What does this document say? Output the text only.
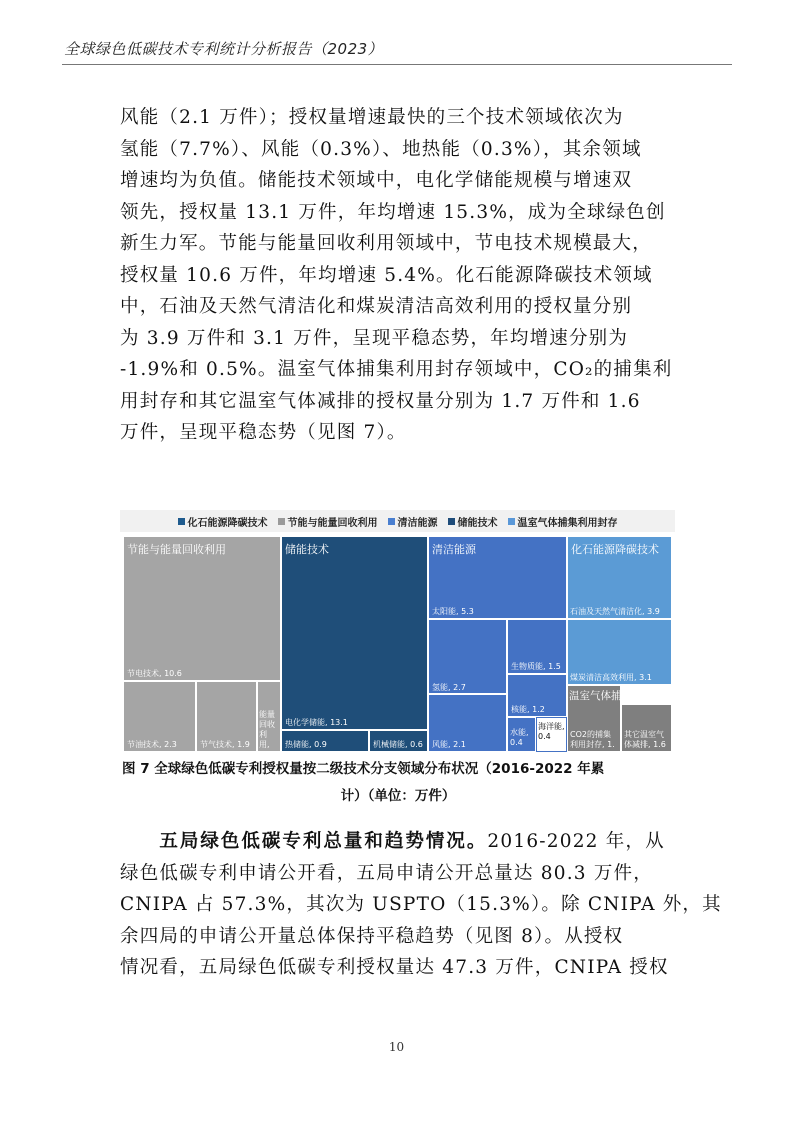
全球绿色低碳技术专利统计分析报告（2023）

风能（2.1 万件）；授权量增速最快的三个技术领域依次为

氢能（7.7%）、风能（0.3%）、地热能（0.3%），其余领域

增速均为负值。储能技术领域中，电化学储能规模与增速双

领先，授权量 13.1 万件，年均增速 15.3%，成为全球绿色创

新生力军。节能与能量回收利用领域中，节电技术规模最大，

授权量 10.6 万件，年均增速 5.4%。化石能源降碳技术领域

中，石油及天然气清洁化和煤炭清洁高效利用的授权量分别

为 3.9 万件和 3.1 万件，呈现平稳态势，年均增速分别为

-1.9%和 0.5%。温室气体捕集利用封存领域中，CO₂的捕集利

用封存和其它温室气体减排的授权量分别为 1.7 万件和 1.6

万件，呈现平稳态势（见图 7）。

化石能源降碳技术 节能与能量回收利用 清洁能源 储能技术 温室气体捕集利用封存
节能与能量回收利用
节电技术, 10.6
节油技术, 2.3	节气技术, 1.9
能量回收利用, 0.8
储能技术
电化学储能, 13.1
热储能, 0.9	机械储能, 0.6
清洁能源
太阳能, 5.3
氢能, 2.7
风能, 2.1
生物质能, 1.5
核能, 1.2
水能, 0.4
海洋能, 0.4
化石能源降碳技术
石油及天然气清洁化, 3.9
煤炭清洁高效利用, 3.1
温室气体捕集利用封存
CO2的捕集利用封存, 1.7
其它温室气体减排, 1.6
图 7 全球绿色低碳专利授权量按二级技术分支领域分布状况（2016-2022 年累
计）（单位：万件）

　　五局绿色低碳专利总量和趋势情况。2016-2022 年，从

绿色低碳专利申请公开看，五局申请公开总量达 80.3 万件，

CNIPA 占 57.3%，其次为 USPTO（15.3%）。除 CNIPA 外，其

余四局的申请公开量总体保持平稳趋势（见图 8）。从授权

情况看，五局绿色低碳专利授权量达 47.3 万件，CNIPA 授权

10
